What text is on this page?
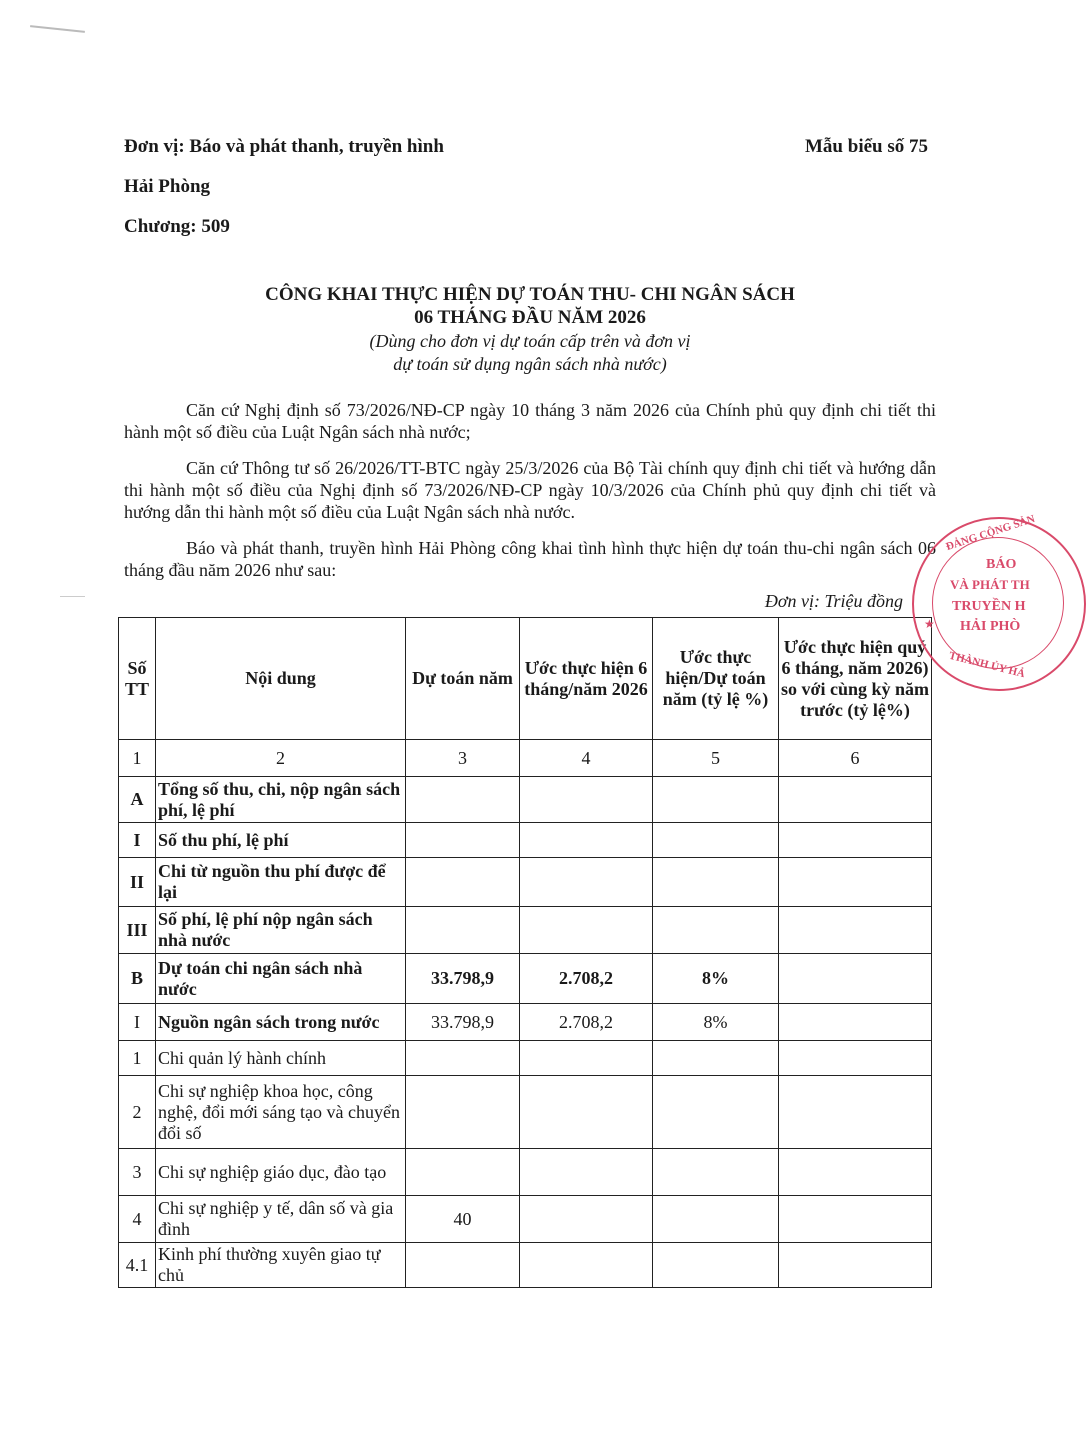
Đơn vị: Báo và phát thanh, truyền hình
Hải Phòng
Chương: 509
Mẫu biểu số 75
CÔNG KHAI THỰC HIỆN DỰ TOÁN THU- CHI NGÂN SÁCH
06 THÁNG ĐẦU NĂM 2026
(Dùng cho đơn vị dự toán cấp trên và đơn vị
dự toán sử dụng ngân sách nhà nước)
Căn cứ Nghị định số 73/2026/NĐ-CP ngày 10 tháng 3 năm 2026 của Chính phủ quy định chi tiết thi hành một số điều của Luật Ngân sách nhà nước;
Căn cứ Thông tư số 26/2026/TT-BTC ngày 25/3/2026 của Bộ Tài chính quy định chi tiết và hướng dẫn thi hành một số điều của Nghị định số 73/2026/NĐ-CP ngày 10/3/2026 của Chính phủ quy định chi tiết và hướng dẫn thi hành một số điều của Luật Ngân sách nhà nước.
Báo và phát thanh, truyền hình Hải Phòng công khai tình hình thực hiện dự toán thu-chi ngân sách 06 tháng đầu năm 2026 như sau:
Đơn vị: Triệu đồng
Số TT	Nội dung	Dự toán năm	Ước thực hiện 6 tháng/năm 2026	Ước thực hiện/Dự toán năm (tỷ lệ %)	Ước thực hiện quý 6 tháng, năm 2026) so với cùng kỳ năm trước (tỷ lệ%)
1	2	3	4	5	6
A	Tổng số thu, chi, nộp ngân sách phí, lệ phí				
I	Số thu phí, lệ phí				
II	Chi từ nguồn thu phí được để lại				
III	Số phí, lệ phí nộp ngân sách nhà nước				
B	Dự toán chi ngân sách nhà nước	33.798,9	2.708,2	8%	
I	Nguồn ngân sách trong nước	33.798,9	2.708,2	8%	
1	Chi quản lý hành chính				
2	Chi sự nghiệp khoa học, công nghệ, đổi mới sáng tạo và chuyển đổi số				
3	Chi sự nghiệp giáo dục, đào tạo				
4	Chi sự nghiệp y tế, dân số và gia đình	40			
4.1	Kinh phí thường xuyên giao tự chủ				
ĐẢNG CỘNG SẢN
BÁO
VÀ PHÁT TH
TRUYỀN H
HẢI PHÒ
THÀNH ỦY HẢ
★
